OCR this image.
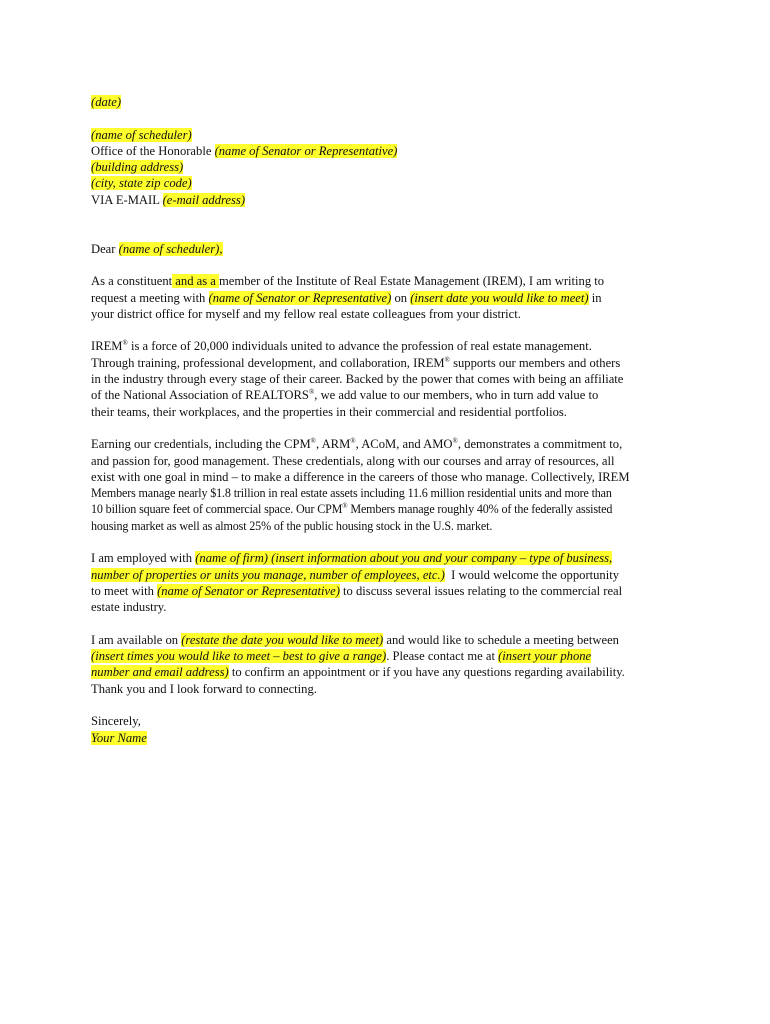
(date)
(name of scheduler)
Office of the Honorable (name of Senator or Representative)
(building address)
(city, state zip code)
VIA E-MAIL (e-mail address)
Dear (name of scheduler),
As a constituent and as a member of the Institute of Real Estate Management (IREM), I am writing to
request a meeting with (name of Senator or Representative) on (insert date you would like to meet) in
your district office for myself and my fellow real estate colleagues from your district.
IREM® is a force of 20,000 individuals united to advance the profession of real estate management.
Through training, professional development, and collaboration, IREM® supports our members and others
in the industry through every stage of their career. Backed by the power that comes with being an affiliate
of the National Association of REALTORS®, we add value to our members, who in turn add value to
their teams, their workplaces, and the properties in their commercial and residential portfolios.
Earning our credentials, including the CPM®, ARM®, ACoM, and AMO®, demonstrates a commitment to,
and passion for, good management. These credentials, along with our courses and array of resources, all
exist with one goal in mind – to make a difference in the careers of those who manage. Collectively, IREM
Members manage nearly $1.8 trillion in real estate assets including 11.6 million residential units and more than
10 billion square feet of commercial space. Our CPM® Members manage roughly 40% of the federally assisted
housing market as well as almost 25% of the public housing stock in the U.S. market.
I am employed with (name of firm) (insert information about you and your company – type of business,
number of properties or units you manage, number of employees, etc.)  I would welcome the opportunity
to meet with (name of Senator or Representative) to discuss several issues relating to the commercial real
estate industry.
I am available on (restate the date you would like to meet) and would like to schedule a meeting between
(insert times you would like to meet – best to give a range). Please contact me at (insert your phone
number and email address) to confirm an appointment or if you have any questions regarding availability.
Thank you and I look forward to connecting.
Sincerely,
Your Name
